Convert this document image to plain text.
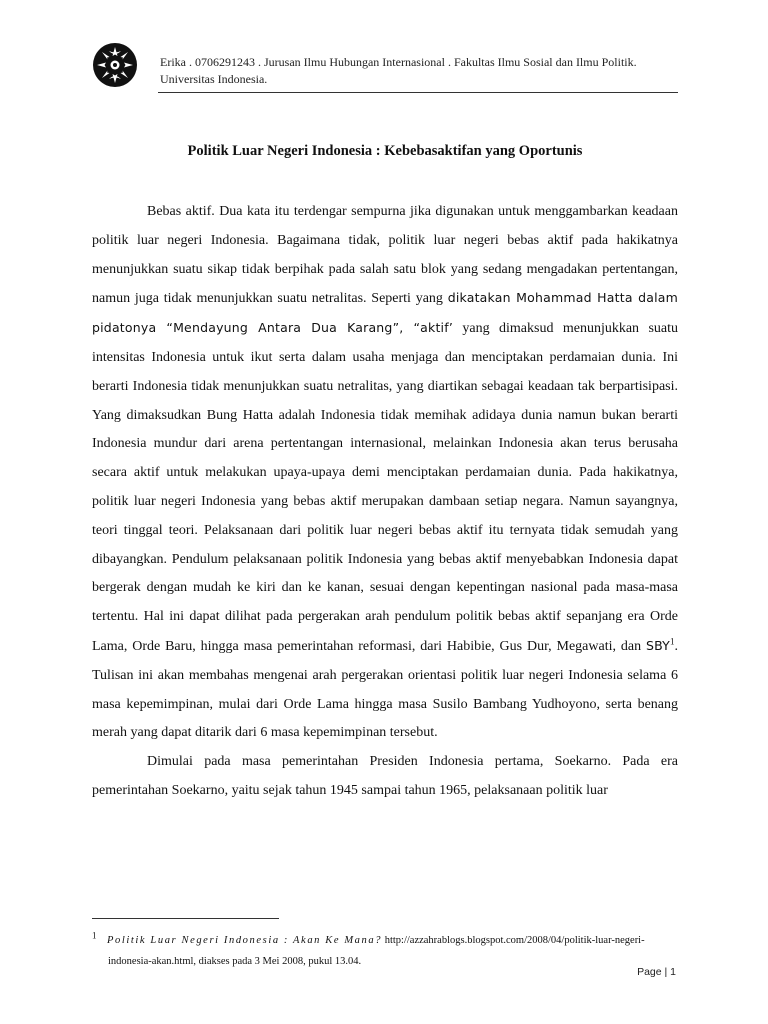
Erika . 0706291243 . Jurusan Ilmu Hubungan Internasional . Fakultas Ilmu Sosial dan Ilmu Politik.
Universitas Indonesia.
Politik Luar Negeri Indonesia : Kebebasaktifan yang Oportunis

Bebas aktif. Dua kata itu terdengar sempurna jika digunakan untuk menggambarkan keadaan politik luar negeri Indonesia. Bagaimana tidak, politik luar negeri bebas aktif pada hakikatnya menunjukkan suatu sikap tidak berpihak pada salah satu blok yang sedang mengadakan pertentangan, namun juga tidak menunjukkan suatu netralitas. Seperti yang dikatakan Mohammad Hatta dalam pidatonya “Mendayung Antara Dua Karang”, “aktif’ yang dimaksud menunjukkan suatu intensitas Indonesia untuk ikut serta dalam usaha menjaga dan menciptakan perdamaian dunia. Ini berarti Indonesia tidak menunjukkan suatu netralitas, yang diartikan sebagai keadaan tak berpartisipasi. Yang dimaksudkan Bung Hatta adalah Indonesia tidak memihak adidaya dunia namun bukan berarti Indonesia mundur dari arena pertentangan internasional, melainkan Indonesia akan terus berusaha secara aktif untuk melakukan upaya-upaya demi menciptakan perdamaian dunia. Pada hakikatnya, politik luar negeri Indonesia yang bebas aktif merupakan dambaan setiap negara. Namun sayangnya, teori tinggal teori. Pelaksanaan dari politik luar negeri bebas aktif itu ternyata tidak semudah yang dibayangkan. Pendulum pelaksanaan politik Indonesia yang bebas aktif menyebabkan Indonesia dapat bergerak dengan mudah ke kiri dan ke kanan, sesuai dengan kepentingan nasional pada masa-masa tertentu. Hal ini dapat dilihat pada pergerakan arah pendulum politik bebas aktif sepanjang era Orde Lama, Orde Baru, hingga masa pemerintahan reformasi, dari Habibie, Gus Dur, Megawati, dan SBY$^1$. Tulisan ini akan membahas mengenai arah pergerakan orientasi politik luar negeri Indonesia selama 6 masa kepemimpinan, mulai dari Orde Lama hingga masa Susilo Bambang Yudhoyono, serta benang merah yang dapat ditarik dari 6 masa kepemimpinan tersebut.

Dimulai pada masa pemerintahan Presiden Indonesia pertama, Soekarno. Pada era pemerintahan Soekarno, yaitu sejak tahun 1945 sampai tahun 1965, pelaksanaan politik luar

$^1$ Politik Luar Negeri Indonesia : Akan Ke Mana? http://azzahrablogs.blogspot.com/2008/04/politik-luar-negeri-
indonesia-akan.html, diakses pada 3 Mei 2008, pukul 13.04.
Page | 1
